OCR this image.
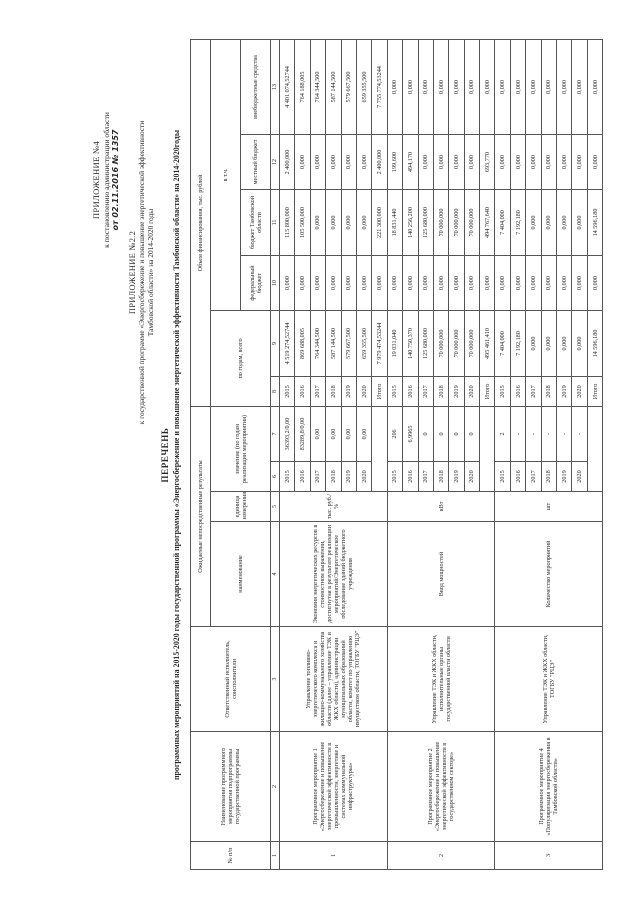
ПРИЛОЖЕНИЕ №4 к постановлению администрации области от 02.11.2016 № 1357
ПРИЛОЖЕНИЕ №2.2 к государственной программе «Энергосбережение и повышение энергетической эффективности Тамбовской области» на 2014-2020 годы
ПЕРЕЧЕНЬ программных мероприятий на 2015-2020 годы государственной программы «Энергосбережение и повышение энергетической эффективности Тамбовской области» на 2014-2020годы
№ п/п	Наименование программного мероприятия подпрограммы государственной программы	Ответственный исполнитель, соисполнители	Ожидаемые непосредственные результаты				Объем финансирования, тыс. рублей					
			наименование	единица измерения	значение (по годам реализации мероприятия)		по годам, всего		в т.ч.			
									федеральный бюджет	бюджет Тамбовской области	местный бюджет	внебюджетные средства
1	2	3	4	5	6	7	8	9	10	11	12	13
1	Программное мероприятие 1 «Энергосбережение и повышение энергетической эффективности в промышленности, энергетике и системах коммунальной инфраструктуры»	Управление топливно-энергетического комплекса и жилищно-коммунального хозяйства области (далее – управление ТЭК и ЖКХ области), администрации муниципальных образований области, комитет по управлению имуществом области, ТОГБУ "РЦЭ"	Экономия энергетических ресурсов в стоимостном выражении, достигнутая в результате реализации мероприятий/Энергетическое обследование зданий бюджетного учреждения	тыс. руб./ %	2015	36393,2/0,00	2015	4 519 274,52744	0,000	115 800,000	2 400,000	4 401 074,52744
					2016	83289,8/0,00	2016	869 688,005	0,000	105 500,000	0,000	764 188,005
					2017	0,00	2017	764 344,500	0,000	0,000	0,000	764 344,500
					2018	0,00	2018	587 144,500	0,000	0,000	0,000	587 144,500
					2019	0,00	2019	579 667,500	0,000	0,000	0,000	579 667,500
					2020	0,00	2020	659 355,500	0,000	0,000	0,000	659 355,500
							Итого	7 979 474,53244	0,000	221 300,000	2 400,000	7 755 774,53244
2	Программное мероприятие 2 «Энергосбережение и повышение энергетической эффективности в государственном секторе»	Управление ТЭК и ЖКХ области, исполнительные органы государственной власти области	Ввод мощностей	кВт	2015	206	2015	19 031,040	0,000	18 831,440	199,600	0,000
					2016	6,9965	2016	140 750,370	0,000	140 256,200	494,170	0,000
					2017	0	2017	125 680,000	0,000	125 680,000	0,000	0,000
					2018	0	2018	70 000,000	0,000	70 000,000	0,000	0,000
					2019	0	2019	70 000,000	0,000	70 000,000	0,000	0,000
					2020	0	2020	70 000,000	0,000	70 000,000	0,000	0,000
							Итого	495 461,410	0,000	494 767,640	693,770	0,000
3	Программное мероприятие 4 «Популяризация энергосбережения в Тамбовской области»	Управление ТЭК и ЖКХ области, ТОГБУ "РЦЭ"	Количество мероприятий	шт	2015	2	2015	7 404,000	0,000	7 404,000	0,000	0,000
					2016	-	2016	7 192,180	0,000	7 192,180	0,000	0,000
					2017	-	2017	0,000	0,000	0,000	0,000	0,000
					2018	-	2018	0,000	0,000	0,000	0,000	0,000
					2019	-	2019	0,000	0,000	0,000	0,000	0,000
					2020	-	2020	0,000	0,000	0,000	0,000	0,000
							Итого	14 596,180	0,000	14 596,180	0,000	0,000
